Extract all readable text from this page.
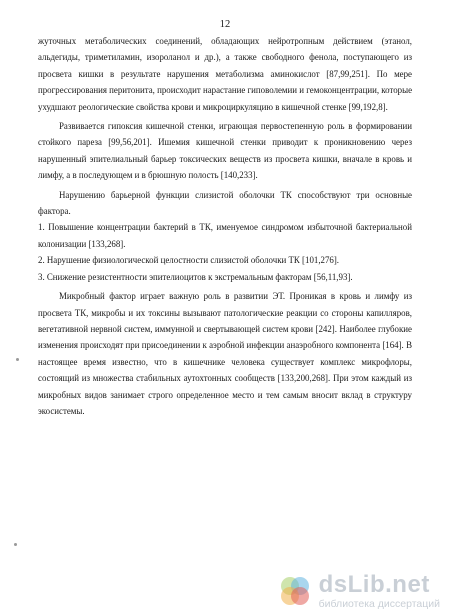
12

жуточных метаболических соединений, обладающих нейротропным действием (этанол, альдегиды, триметиламин, изороланол и др.), а также свободного фенола, поступающего из просвета кишки в результате нарушения метаболизма аминокислот [87,99,251]. По мере прогрессирования перитонита, происходит нарастание гиповолемии и гемоконцентрации, которые ухудшают реологические свойства крови и микроциркуляцию в кишечной стенке [99,192,8].

Развивается гипоксия кишечной стенки, играющая первостепенную роль в формировании стойкого пареза [99,56,201]. Ишемия кишечной стенки приводит к проникновению через нарушенный эпителиальный барьер токсических веществ из просвета кишки, вначале в кровь и лимфу, а в последующем и в брюшную полость [140,233].

Нарушению барьерной функции слизистой оболочки ТК способствуют три основные фактора.

1. Повышение концентрации бактерий в ТК, именуемое синдромом избыточной бактериальной колонизации [133,268].

2. Нарушение физиологической целостности слизистой оболочки ТК [101,276].

3. Снижение резистентности эпителиоцитов к экстремальным факторам [56,11,93].

Микробный фактор играет важную роль в развитии ЭТ. Проникая в кровь и лимфу из просвета ТК, микробы и их токсины вызывают патологические реакции со стороны капилляров, вегетативной нервной систем, иммунной и свертывающей систем крови [242]. Наиболее глубокие изменения происходят при присоединении к аэробной инфекции анаэробного компонента [164]. В настоящее время известно, что в кишечнике человека существует комплекс микрофлоры, состоящий из множества стабильных аутохтонных сообществ [133,200,268]. При этом каждый из микробных видов занимает строго определенное место и тем самым вносит вклад в структуру экосистемы.

dsLib.net
библиотека диссертаций
